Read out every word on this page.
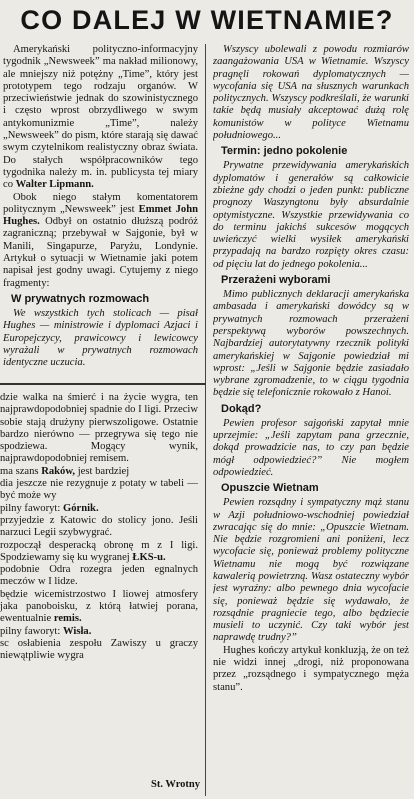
CO DALEJ W WIETNAMIE?

Amerykański polityczno-informacyjny tygodnik „Newsweek” ma nakład milionowy, ale mniejszy niż potężny „Time”, który jest prototypem tego rodzaju organów. W przeciwieństwie jednak do szowinistycznego i często wprost obrzydliwego w swym antykomunizmie „Time”, należy „Newsweek” do pism, które starają się dawać swym czytelnikom realistyczny obraz świata. Do stałych współpracowników tego tygodnika należy m. in. publicysta tej miary co Walter Lipmann.

Obok niego stałym komentatorem politycznym „Newsweek” jest Emmet John Hughes. Odbył on ostatnio dłuższą podróż zagraniczną; przebywał w Sajgonie, był w Manili, Singapurze, Paryżu, Londynie. Artykuł o sytuacji w Wietnamie jaki potem napisał jest godny uwagi. Cytujemy z niego fragmenty:

W prywatnych rozmowach

We wszystkich tych stolicach — pisał Hughes — ministrowie i dyplomaci Azjaci i Europejczycy, prawicowcy i lewicowcy wyrażali w prywatnych rozmowach identyczne uczucia.

Wszyscy ubolewali z powodu rozmiarów zaangażowania USA w Wietnamie. Wszyscy pragnęli rokowań dyplomatycznych — wycofania się USA na słusznych warunkach politycznych. Wszyscy podkreślali, że warunki takie będą musiały akceptować dużą rolę komunistów w polityce Wietnamu południowego...

Termin: jedno pokolenie

Prywatne przewidywania amerykańskich dyplomatów i generałów są całkowicie zbieżne gdy chodzi o jeden punkt: publiczne prognozy Waszyngtonu były absurdalnie optymistyczne. Wszystkie przewidywania co do terminu jakichś sukcesów mogących uwieńczyć wielki wysiłek amerykański przypadają na bardzo rozpięty okres czasu: od pięciu lat do jednego pokolenia...

Przerażeni wyborami

Mimo publicznych deklaracji amerykańska ambasada i amerykański dowódcy są w prywatnych rozmowach przerażeni perspektywą wyborów powszechnych. Najbardziej autorytatywny rzecznik polityki amerykańskiej w Sajgonie powiedział mi wprost: „Jeśli w Sajgonie będzie zasiadało wybrane zgromadzenie, to w ciągu tygodnia będzie się telefonicznie rokowało z Hanoi.

Dokąd?

Pewien profesor sajgoński zapytał mnie uprzejmie: „Jeśli zapytam pana grzecznie, dokąd prowadzicie nas, to czy pan będzie mógł odpowiedzieć?” Nie mogłem odpowiedzieć.

Opuszcie Wietnam

Pewien rozsądny i sympatyczny mąż stanu w Azji południowo-wschodniej powiedział zwracając się do mnie: „Opuszcie Wietnam. Nie będzie rozgromieni ani poniżeni, lecz wycofacie się, ponieważ problemy polityczne Wietnamu nie mogą być rozwiązane kawalerią powietrzną. Wasz ostateczny wybór jest wyraźny: albo pewnego dnia wycofacie się, ponieważ będzie się wydawało, że rozsądnie pragniecie tego, albo będziecie musieli to uczynić. Czy taki wybór jest naprawdę trudny?”

Hughes kończy artykuł konkluzją, że on też nie widzi innej „drogi, niż proponowana przez „rozsądnego i sympatycznego męża stanu”.

dzie walka na śmierć i na życie wygra, ten najprawdopodobniej spadnie do I ligi. Przeciw sobie stają drużyny pierwszoligowe. Ostatnie bardzo nierówno — przegrywa się tego nie spodziewa. Mogący wynik, najprawdopodobniej remisem.

ma szans Raków, jest bardziej

dia jeszcze nie rezygnuje z potaty w tabeli — być może wy

pilny faworyt: Górnik.

przyjedzie z Katowic do stolicy jono. Jeśli narzuci Legii szybwygrać.

rozpoczął desperacką obronę m z I ligi. Spodziewamy się ku wygranej ŁKS-u.

podobnie Odra rozegra jeden egnalnych meczów w I lidze.

będzie wicemistrzostwo I liowej atmosfery jaka panoboisku, z którą łatwiej porana, ewentualnie remis.

pilny faworyt: Wisła.

sc osłabienia zespołu Zawiszy u graczy niewątpliwie wygra

St. Wrotny
